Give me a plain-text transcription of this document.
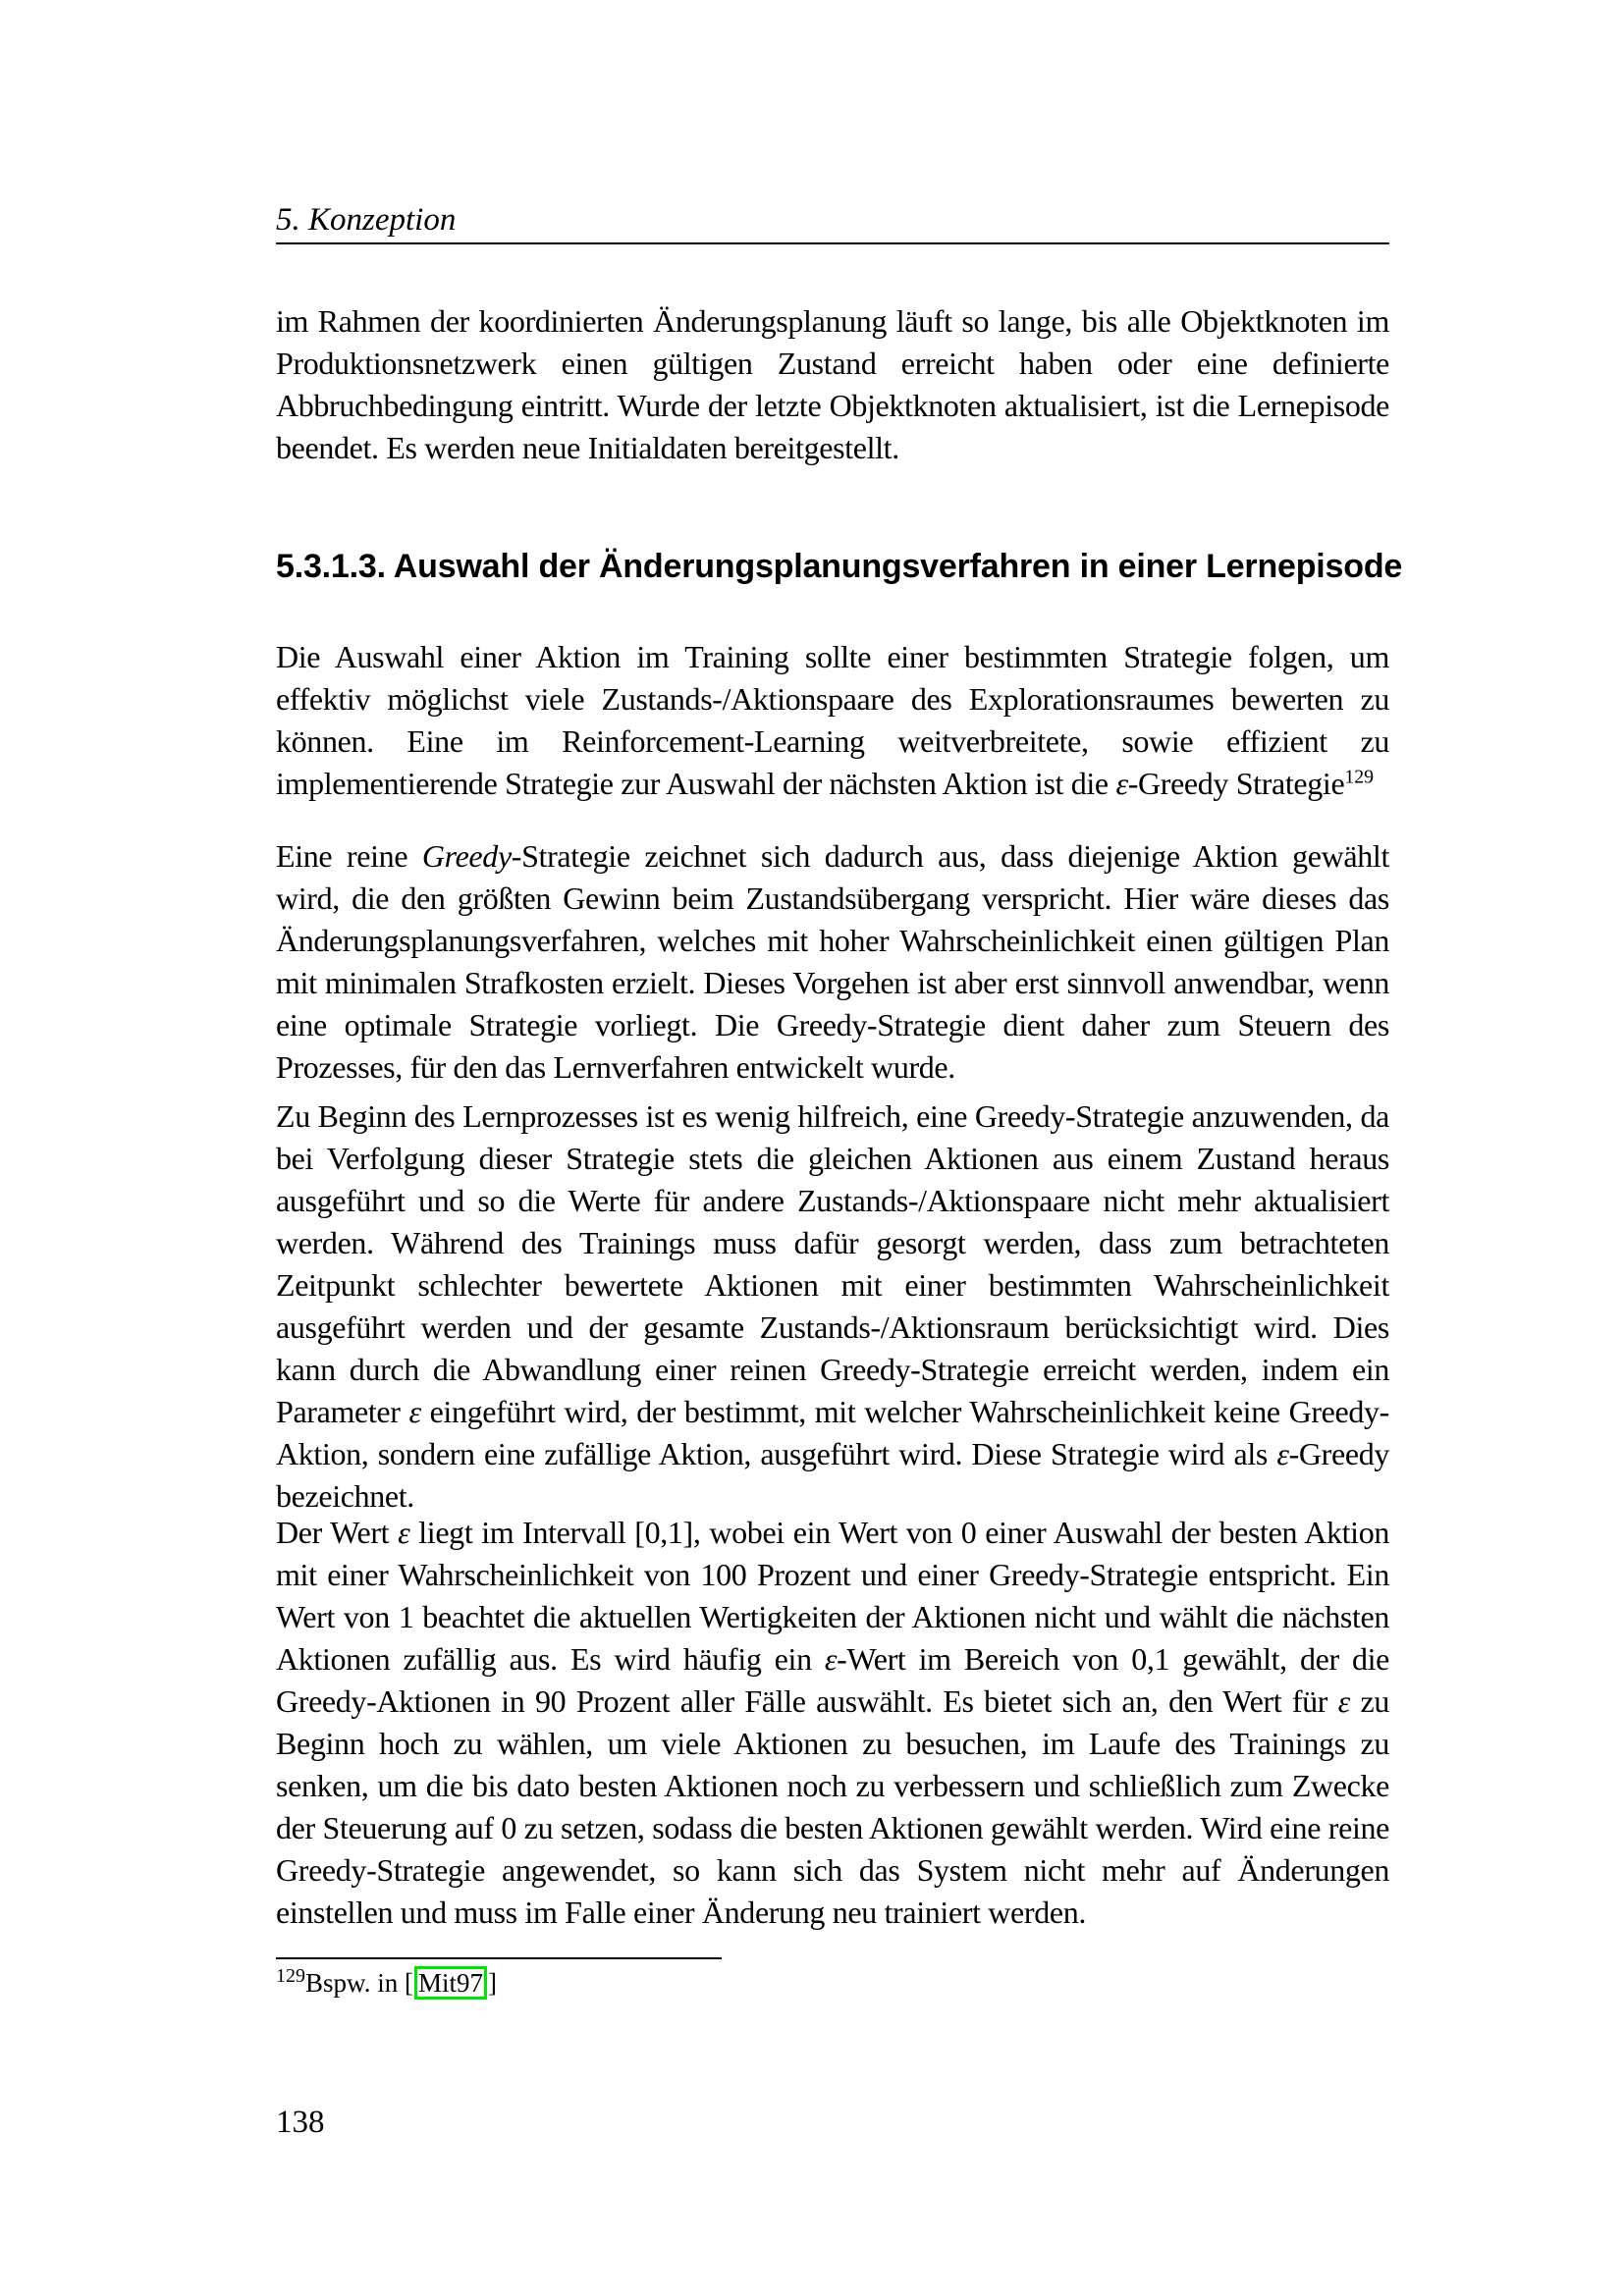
5. Konzeption

im Rahmen der koordinierten Änderungsplanung läuft so lange, bis alle Objektknoten im Produktionsnetzwerk einen gültigen Zustand erreicht haben oder eine definierte Abbruchbedingung eintritt. Wurde der letzte Objektknoten aktualisiert, ist die Lernepisode beendet. Es werden neue Initialdaten bereitgestellt.

5.3.1.3. Auswahl der Änderungsplanungsverfahren in einer Lernepisode

Die Auswahl einer Aktion im Training sollte einer bestimmten Strategie folgen, um effektiv möglichst viele Zustands-/Aktionspaare des Explorationsraumes bewerten zu können. Eine im Reinforcement-Learning weitverbreitete, sowie effizient zu implementierende Strategie zur Auswahl der nächsten Aktion ist die ε-Greedy Strategie$^{129}$

Eine reine Greedy-Strategie zeichnet sich dadurch aus, dass diejenige Aktion gewählt wird, die den größten Gewinn beim Zustandsübergang verspricht. Hier wäre dieses das Änderungsplanungsverfahren, welches mit hoher Wahrscheinlichkeit einen gültigen Plan mit minimalen Strafkosten erzielt. Dieses Vorgehen ist aber erst sinnvoll anwendbar, wenn eine optimale Strategie vorliegt. Die Greedy-Strategie dient daher zum Steuern des Prozesses, für den das Lernverfahren entwickelt wurde.

Zu Beginn des Lernprozesses ist es wenig hilfreich, eine Greedy-Strategie anzuwenden, da bei Verfolgung dieser Strategie stets die gleichen Aktionen aus einem Zustand heraus ausgeführt und so die Werte für andere Zustands-/Aktionspaare nicht mehr aktualisiert werden. Während des Trainings muss dafür gesorgt werden, dass zum betrachteten Zeitpunkt schlechter bewertete Aktionen mit einer bestimmten Wahrscheinlichkeit ausgeführt werden und der gesamte Zustands-/Aktionsraum berücksichtigt wird. Dies kann durch die Abwandlung einer reinen Greedy-Strategie erreicht werden, indem ein Parameter ε eingeführt wird, der bestimmt, mit welcher Wahrscheinlichkeit keine Greedy-Aktion, sondern eine zufällige Aktion, ausgeführt wird. Diese Strategie wird als ε-Greedy bezeichnet.

Der Wert ε liegt im Intervall [0,1], wobei ein Wert von 0 einer Auswahl der besten Aktion mit einer Wahrscheinlichkeit von 100 Prozent und einer Greedy-Strategie entspricht. Ein Wert von 1 beachtet die aktuellen Wertigkeiten der Aktionen nicht und wählt die nächsten Aktionen zufällig aus. Es wird häufig ein ε-Wert im Bereich von 0,1 gewählt, der die Greedy-Aktionen in 90 Prozent aller Fälle auswählt. Es bietet sich an, den Wert für ε zu Beginn hoch zu wählen, um viele Aktionen zu besuchen, im Laufe des Trainings zu senken, um die bis dato besten Aktionen noch zu verbessern und schließlich zum Zwecke der Steuerung auf 0 zu setzen, sodass die besten Aktionen gewählt werden. Wird eine reine Greedy-Strategie angewendet, so kann sich das System nicht mehr auf Änderungen einstellen und muss im Falle einer Änderung neu trainiert werden.

$^{129}$Bspw. in [ Mit97 ]
138
